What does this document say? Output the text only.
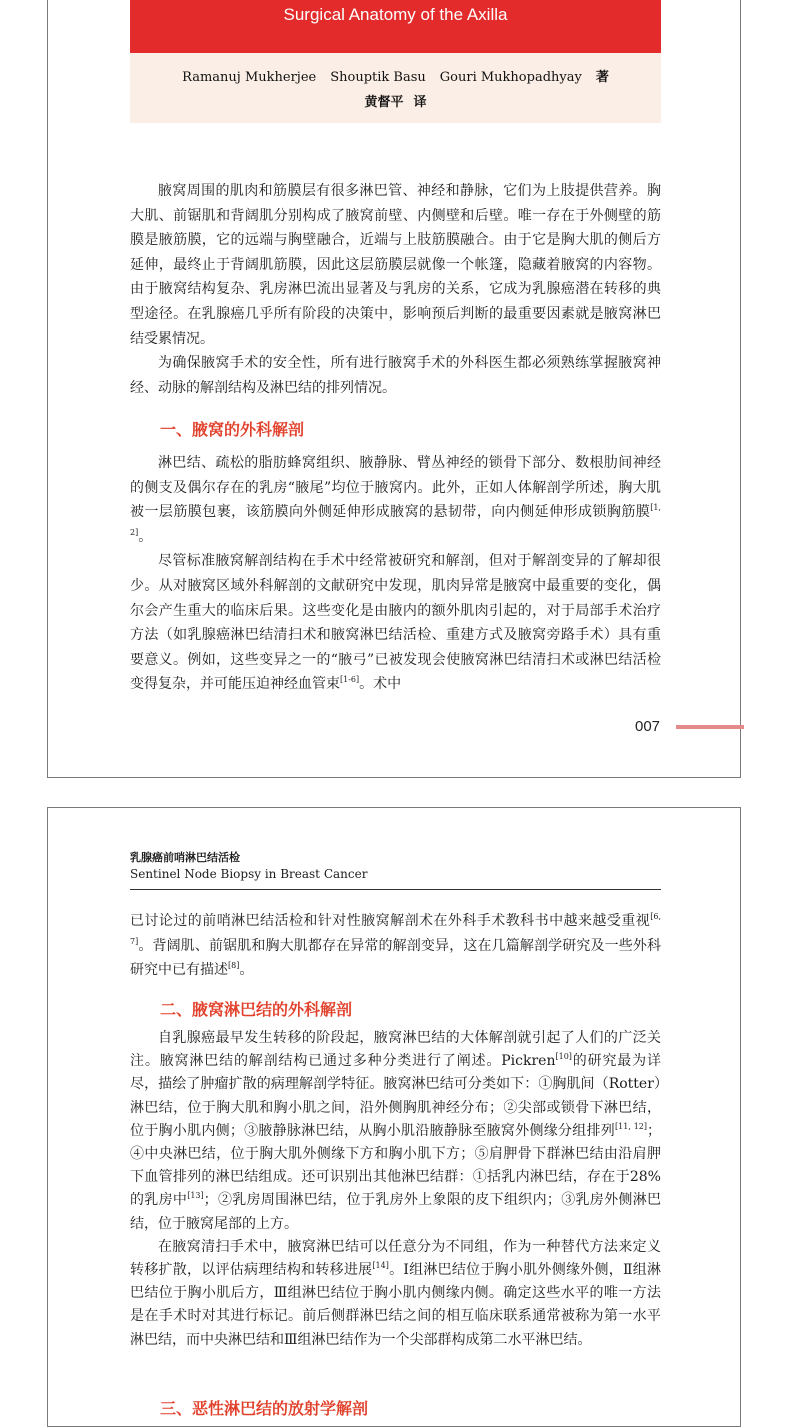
Surgical Anatomy of the Axilla
Ramanuj Mukherjee Shouptik Basu Gouri Mukhopadhyay 著
黄督平 译

腋窝周围的肌肉和筋膜层有很多淋巴管、神经和静脉，它们为上肢提供营养。胸大肌、前锯肌和背阔肌分别构成了腋窝前壁、内侧壁和后壁。唯一存在于外侧壁的筋膜是腋筋膜，它的远端与胸壁融合，近端与上肢筋膜融合。由于它是胸大肌的侧后方延伸，最终止于背阔肌筋膜，因此这层筋膜层就像一个帐篷，隐藏着腋窝的内容物。由于腋窝结构复杂、乳房淋巴流出显著及与乳房的关系，它成为乳腺癌潜在转移的典型途径。在乳腺癌几乎所有阶段的决策中，影响预后判断的最重要因素就是腋窝淋巴结受累情况。

为确保腋窝手术的安全性，所有进行腋窝手术的外科医生都必须熟练掌握腋窝神经、动脉的解剖结构及淋巴结的排列情况。

一、腋窝的外科解剖

淋巴结、疏松的脂肪蜂窝组织、腋静脉、臂丛神经的锁骨下部分、数根肋间神经的侧支及偶尔存在的乳房“腋尾”均位于腋窝内。此外，正如人体解剖学所述，胸大肌被一层筋膜包裹，该筋膜向外侧延伸形成腋窝的悬韧带，向内侧延伸形成锁胸筋膜[1, 2]。

尽管标准腋窝解剖结构在手术中经常被研究和解剖，但对于解剖变异的了解却很少。从对腋窝区域外科解剖的文献研究中发现，肌肉异常是腋窝中最重要的变化，偶尔会产生重大的临床后果。这些变化是由腋内的额外肌肉引起的，对于局部手术治疗方法（如乳腺癌淋巴结清扫术和腋窝淋巴结活检、重建方式及腋窝旁路手术）具有重要意义。例如，这些变异之一的“腋弓”已被发现会使腋窝淋巴结清扫术或淋巴结活检变得复杂，并可能压迫神经血管束[1-6]。术中

007
乳腺癌前哨淋巴结活检
Sentinel Node Biopsy in Breast Cancer

已讨论过的前哨淋巴结活检和针对性腋窝解剖术在外科手术教科书中越来越受重视[6, 7]。背阔肌、前锯肌和胸大肌都存在异常的解剖变异，这在几篇解剖学研究及一些外科研究中已有描述[8]。

二、腋窝淋巴结的外科解剖

自乳腺癌最早发生转移的阶段起，腋窝淋巴结的大体解剖就引起了人们的广泛关注。腋窝淋巴结的解剖结构已通过多种分类进行了阐述。Pickren[10]的研究最为详尽，描绘了肿瘤扩散的病理解剖学特征。腋窝淋巴结可分类如下：①胸肌间（Rotter）淋巴结，位于胸大肌和胸小肌之间，沿外侧胸肌神经分布；②尖部或锁骨下淋巴结，位于胸小肌内侧；③腋静脉淋巴结，从胸小肌沿腋静脉至腋窝外侧缘分组排列[11, 12]；④中央淋巴结，位于胸大肌外侧缘下方和胸小肌下方；⑤肩胛骨下群淋巴结由沿肩胛下血管排列的淋巴结组成。还可识别出其他淋巴结群：①括乳内淋巴结，存在于28%的乳房中[13]；②乳房周围淋巴结，位于乳房外上象限的皮下组织内；③乳房外侧淋巴结，位于腋窝尾部的上方。

在腋窝清扫手术中，腋窝淋巴结可以任意分为不同组，作为一种替代方法来定义转移扩散，以评估病理结构和转移进展[14]。Ⅰ组淋巴结位于胸小肌外侧缘外侧，Ⅱ组淋巴结位于胸小肌后方，Ⅲ组淋巴结位于胸小肌内侧缘内侧。确定这些水平的唯一方法是在手术时对其进行标记。前后侧群淋巴结之间的相互临床联系通常被称为第一水平淋巴结，而中央淋巴结和Ⅲ组淋巴结作为一个尖部群构成第二水平淋巴结。

三、恶性淋巴结的放射学解剖
